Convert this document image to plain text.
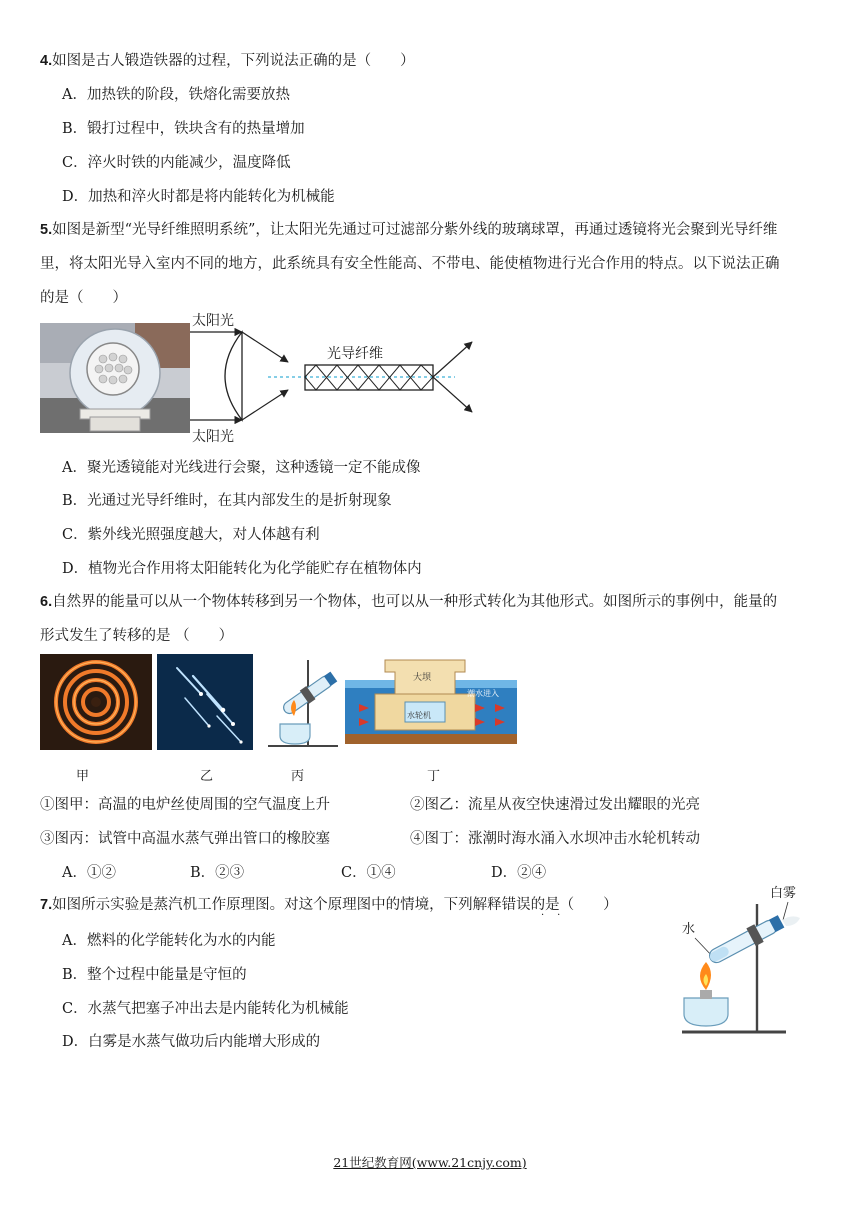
4.如图是古人锻造铁器的过程，下列说法正确的是（　　）
A．加热铁的阶段，铁熔化需要放热
B．锻打过程中，铁块含有的热量增加
C．淬火时铁的内能减少，温度降低
D．加热和淬火时都是将内能转化为机械能
5.如图是新型“光导纤维照明系统”，让太阳光先通过可过滤部分紫外线的玻璃球罩，再通过透镜将光会聚到光导纤维
里，将太阳光导入室内不同的地方，此系统具有安全性能高、不带电、能使植物进行光合作用的特点。以下说法正确
的是（　　）
太阳光
太阳光
光导纤维
A．聚光透镜能对光线进行会聚，这种透镜一定不能成像
B．光通过光导纤维时，在其内部发生的是折射现象
C．紫外线光照强度越大，对人体越有利
D．植物光合作用将太阳能转化为化学能贮存在植物体内
6.自然界的能量可以从一个物体转移到另一个物体，也可以从一种形式转化为其他形式。如图所示的事例中，能量的
形式发生了转移的是 （　　）
大坝
潮水进入
水轮机
甲	乙	丙	丁
①图甲：高温的电炉丝使周围的空气温度上升	②图乙：流星从夜空快速滑过发出耀眼的光亮
③图丙：试管中高温水蒸气弹出管口的橡胶塞	④图丁：涨潮时海水涌入水坝冲击水轮机转动
A．①②	B．②③	C．①④	D．②④
7.如图所示实验是蒸汽机工作原理图。对这个原理图中的情境，下列解释错误的是（　　）
··
A．燃料的化学能转化为水的内能
B．整个过程中能量是守恒的
C．水蒸气把塞子冲出去是内能转化为机械能
D．白雾是水蒸气做功后内能增大形成的
白雾
水
21世纪教育网(www.21cnjy.com)
